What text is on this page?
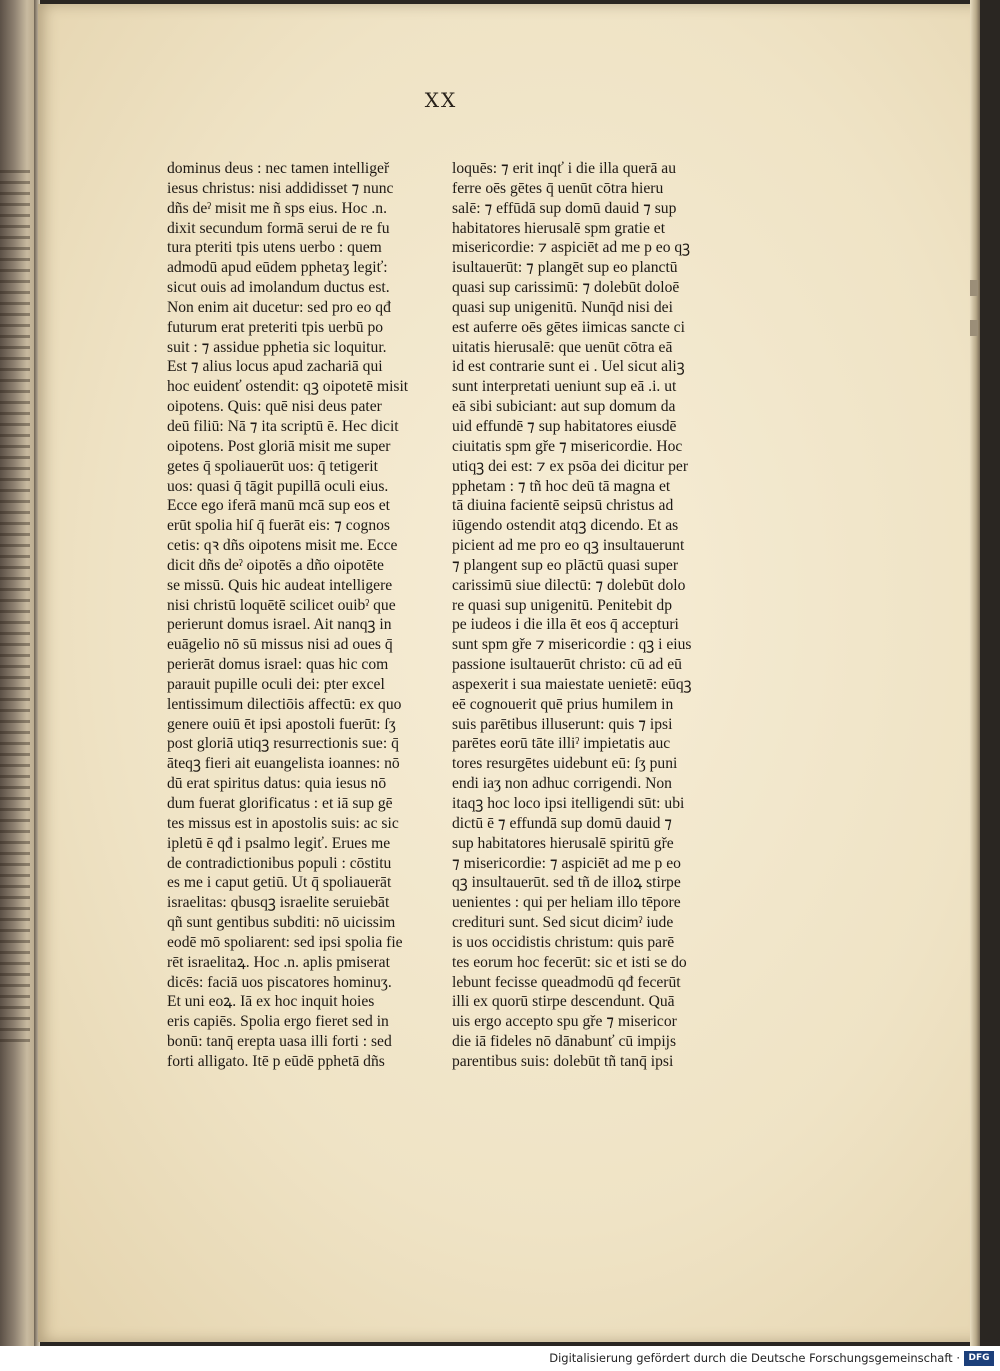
XX
dominus deus : nec tamen intelligeř
iesus christus: nisi addidisset ⁊ nunc
dñs deˀ misit me ñ sps eius. Hoc .n.
dixit secundum formā serui de re fu
tura pteriti tpis utens uerbo : quem
admodū apud eūdem pphetaʒ legiť:
sicut ouis ad imolandum ductus est.
Non enim ait ducetur: sed pro eo qđ
futurum erat preteriti tpis uerbū po
suit : ⁊ assidue pphetia sic loquitur.
Est ⁊ alius locus apud zachariā qui
hoc euidenť ostendit: qꝫ oipotetē misit
oipotens. Quis: quē nisi deus pater
deū filiū: Nā ⁊ ita scriptū ē. Hec dicit
oipotens. Post gloriā misit me super
getes q̄ spoliauerūt uos: q̄ tetigerit
uos: quasi q̄ tāgit pupillā oculi eius.
Ecce ego iferā manū mcā sup eos et
erūt spolia hiſ q̄ fuerāt eis: ⁊ cognos
cetis: qꝛ dñs oipotens misit me. Ecce
dicit dñs deˀ oipotēs a dño oipotēte
se missū. Quis hic audeat intelligere
nisi christū loquētē scilicet ouibˀ que
perierunt domus israel. Ait nanqꝫ in
euāgelio nō sū missus nisi ad oues q̄
perierāt domus israel: quas hic com
parauit pupille oculi dei: pter excel
lentissimum dilectiōis affectū: ex quo
genere ouiū ēt ipsi apostoli fuerūt: ſʒ
post gloriā utiqꝫ resurrectionis sue: q̄
āteqꝫ fieri ait euangelista ioannes: nō
dū erat spiritus datus: quia iesus nō
dum fuerat glorificatus : et iā sup gē
tes missus est in apostolis suis: ac sic
ipletū ē qđ i psalmo legiť. Erues me
de contradictionibus populi : cōstitu
es me i caput getiū. Ut q̄ spoliauerāt
israelitas: qbusqꝫ israelite seruiebāt
qñ sunt gentibus subditi: nō uicissim
eodē mō spoliarent: sed ipsi spolia fie
rēt israelitaꝝ. Hoc .n. aplis pmiserat
dicēs: faciā uos piscatores hominuʒ.
Et uni eoꝝ. Iā ex hoc inquit hoies
eris capiēs. Spolia ergo fieret sed in
bonū: tanq̄ erepta uasa illi forti : sed
forti alligato. Itē p eūdē pphetā dñs
loquēs: ⁊ erit inqť i die illa querā au
ferre oēs gētes q̄ uenūt cōtra hieru
salē: ⁊ effūdā sup domū dauid ⁊ sup
habitatores hierusalē spm gratie et
misericordie: ⁊ aspiciēt ad me p eo qꝫ
isultauerūt: ⁊ plangēt sup eo planctū
quasi sup carissimū: ⁊ dolebūt doloē
quasi sup unigenitū. Nunq̄d nisi dei
est auferre oēs gētes iimicas sancte ci
uitatis hierusalē: que uenūt cōtra eā
id est contrarie sunt ei . Uel sicut aliꝫ
sunt interpretati ueniunt sup eā .i. ut
eā sibi subiciant: aut sup domum da
uid effundē ⁊ sup habitatores eiusdē
ciuitatis spm gře ⁊ misericordie. Hoc
utiqꝫ dei est: ⁊ ex psōa dei dicitur per
pphetam : ⁊ tñ hoc deū tā magna et
tā diuina facientē seipsū christus ad
iūgendo ostendit atqꝫ dicendo. Et as
picient ad me pro eo qꝫ insultauerunt
⁊ plangent sup eo plāctū quasi super
carissimū siue dilectū: ⁊ dolebūt dolo
re quasi sup unigenitū. Penitebit dp
pe iudeos i die illa ēt eos q̄ accepturi
sunt spm gře ⁊ misericordie : qꝫ i eius
passione isultauerūt christo: cū ad eū
aspexerit i sua maiestate uenietē: eūqꝫ
eē cognouerit quē prius humilem in
suis parētibus illuserunt: quis ⁊ ipsi
parētes eorū tāte illiˀ impietatis auc
tores resurgētes uidebunt eū: ſʒ puni
endi iaʒ non adhuc corrigendi. Non
itaqꝫ hoc loco ipsi itelligendi sūt: ubi
dictū ē ⁊ effundā sup domū dauid ⁊
sup habitatores hierusalē spiritū gře
⁊ misericordie: ⁊ aspiciēt ad me p eo
qꝫ insultauerūt. sed tñ de illoꝝ stirpe
uenientes : qui per heliam illo tēpore
credituri sunt. Sed sicut dicimˀ iude
is uos occidistis christum: quis parē
tes eorum hoc fecerūt: sic et isti se do
lebunt fecisse queadmodū qđ fecerūt
illi ex quorū stirpe descendunt. Quā
uis ergo accepto spu gře ⁊ misericor
die iā fideles nō dānabunť cū impijs
parentibus suis: dolebūt tñ tanq̄ ipsi
Digitalisierung gefördert durch die Deutsche Forschungsgemeinschaft · DFG
